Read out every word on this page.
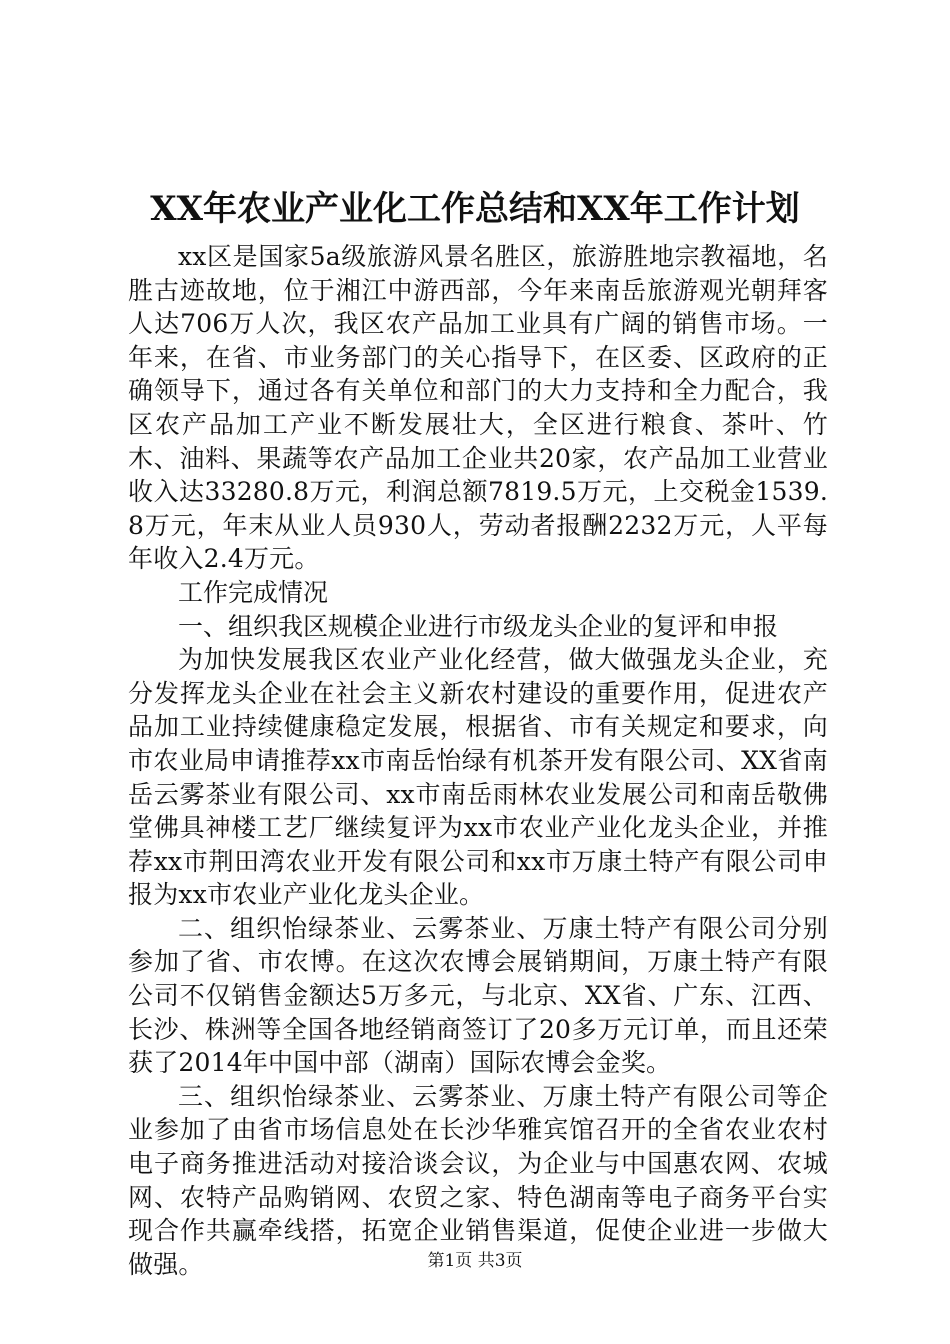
XX年农业产业化工作总结和XX年工作计划

xx区是国家5a级旅游风景名胜区，旅游胜地宗教福地，名胜古迹故地，位于湘江中游西部，今年来南岳旅游观光朝拜客人达706万人次，我区农产品加工业具有广阔的销售市场。一年来，在省、市业务部门的关心指导下，在区委、区政府的正确领导下，通过各有关单位和部门的大力支持和全力配合，我区农产品加工产业不断发展壮大，全区进行粮食、茶叶、竹木、油料、果蔬等农产品加工企业共20家，农产品加工业营业收入达33280.8万元，利润总额7819.5万元，上交税金1539.8万元，年末从业人员930人，劳动者报酬2232万元，人平每年收入2.4万元。

工作完成情况

一、组织我区规模企业进行市级龙头企业的复评和申报

为加快发展我区农业产业化经营，做大做强龙头企业，充分发挥龙头企业在社会主义新农村建设的重要作用，促进农产品加工业持续健康稳定发展，根据省、市有关规定和要求，向市农业局申请推荐xx市南岳怡绿有机茶开发有限公司、XX省南岳云雾茶业有限公司、xx市南岳雨林农业发展公司和南岳敬佛堂佛具神楼工艺厂继续复评为xx市农业产业化龙头企业，并推荐xx市荆田湾农业开发有限公司和xx市万康土特产有限公司申报为xx市农业产业化龙头企业。

二、组织怡绿茶业、云雾茶业、万康土特产有限公司分别参加了省、市农博。在这次农博会展销期间，万康土特产有限公司不仅销售金额达5万多元，与北京、XX省、广东、江西、长沙、株洲等全国各地经销商签订了20多万元订单，而且还荣获了2014年中国中部（湖南）国际农博会金奖。

三、组织怡绿茶业、云雾茶业、万康土特产有限公司等企业参加了由省市场信息处在长沙华雅宾馆召开的全省农业农村电子商务推进活动对接洽谈会议，为企业与中国惠农网、农城网、农特产品购销网、农贸之家、特色湖南等电子商务平台实现合作共赢牵线搭，拓宽企业销售渠道，促使企业进一步做大做强。	第1页 共3页
